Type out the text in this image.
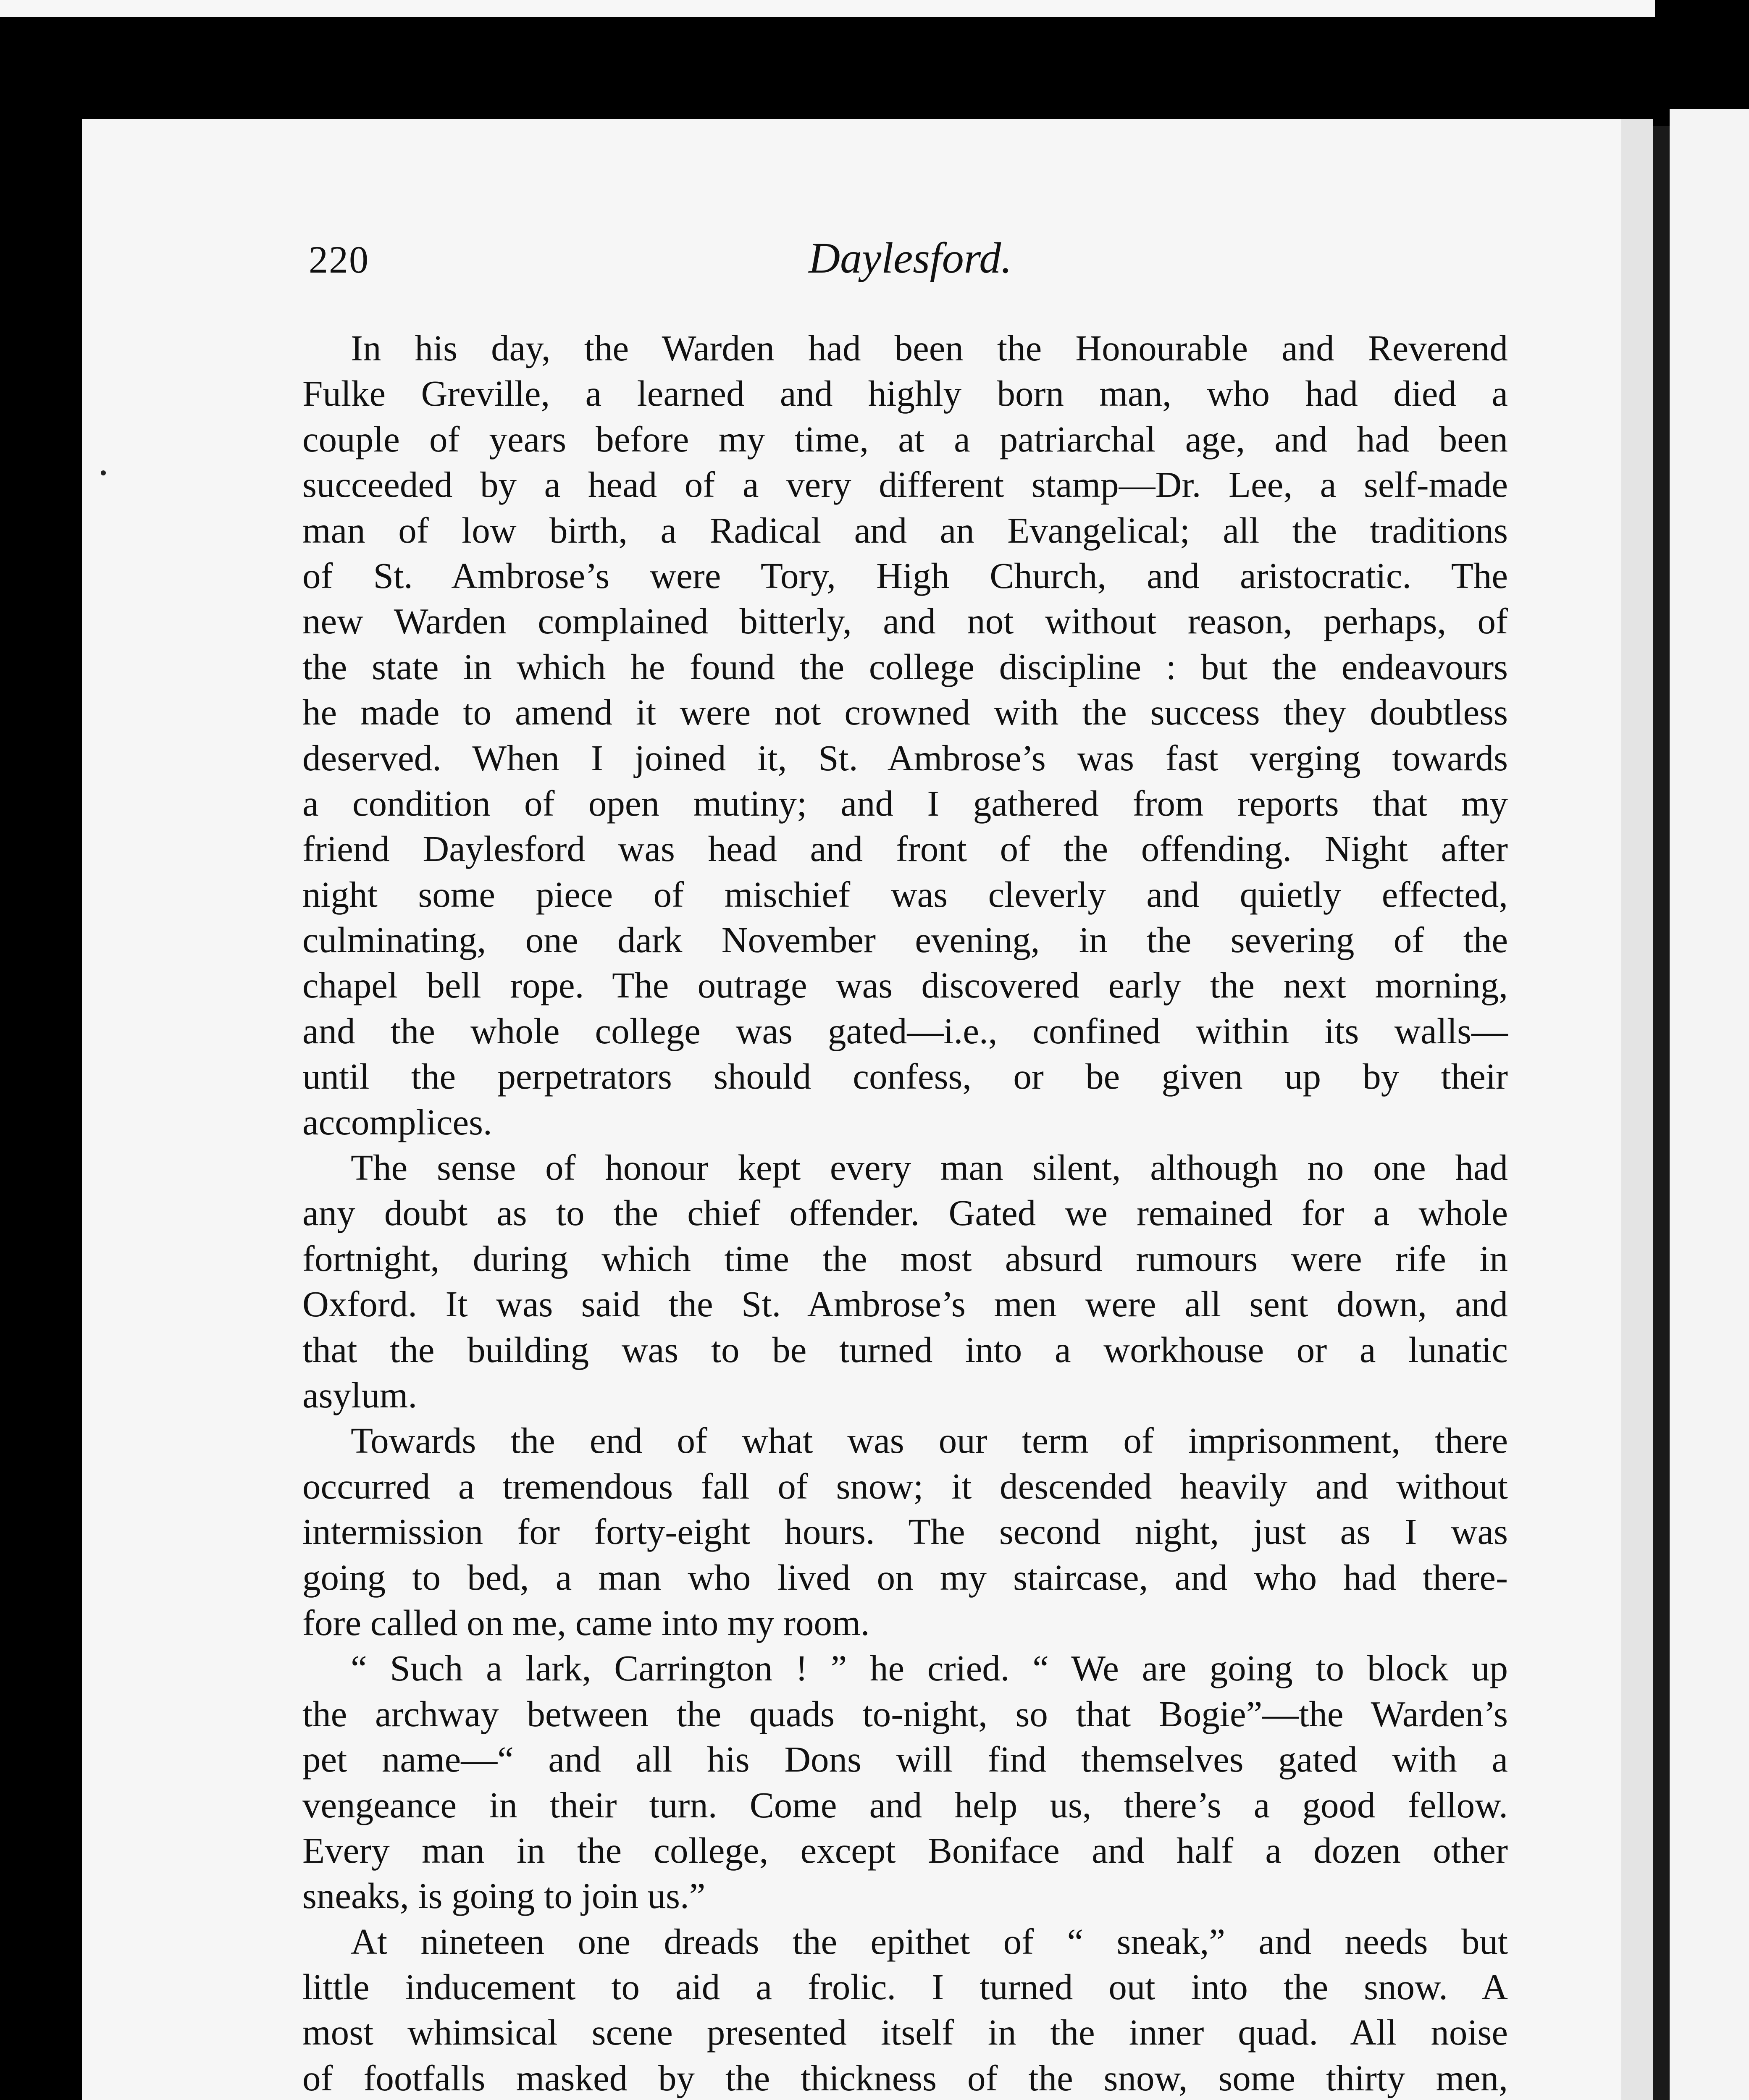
220	Daylesford.
In his day, the Warden had been the Honourable and Reverend
Fulke Greville, a learned and highly born man, who had died a
couple of years before my time, at a patriarchal age, and had been
succeeded by a head of a very different stamp—Dr. Lee, a self-made
man of low birth, a Radical and an Evangelical; all the traditions
of St. Ambrose’s were Tory, High Church, and aristocratic. The
new Warden complained bitterly, and not without reason, perhaps, of
the state in which he found the college discipline : but the endeavours
he made to amend it were not crowned with the success they doubtless
deserved. When I joined it, St. Ambrose’s was fast verging towards
a condition of open mutiny; and I gathered from reports that my
friend Daylesford was head and front of the offending. Night after
night some piece of mischief was cleverly and quietly effected,
culminating, one dark November evening, in the severing of the
chapel bell rope. The outrage was discovered early the next morning,
and the whole college was gated—i.e., confined within its walls—
until the perpetrators should confess, or be given up by their
accomplices.
The sense of honour kept every man silent, although no one had
any doubt as to the chief offender. Gated we remained for a whole
fortnight, during which time the most absurd rumours were rife in
Oxford. It was said the St. Ambrose’s men were all sent down, and
that the building was to be turned into a workhouse or a lunatic
asylum.
Towards the end of what was our term of imprisonment, there
occurred a tremendous fall of snow; it descended heavily and without
intermission for forty-eight hours. The second night, just as I was
going to bed, a man who lived on my staircase, and who had there-
fore called on me, came into my room.
“ Such a lark, Carrington ! ” he cried. “ We are going to block up
the archway between the quads to-night, so that Bogie”—the Warden’s
pet name—“ and all his Dons will find themselves gated with a
vengeance in their turn. Come and help us, there’s a good fellow.
Every man in the college, except Boniface and half a dozen other
sneaks, is going to join us.”
At nineteen one dreads the epithet of “ sneak,” and needs but
little inducement to aid a frolic. I turned out into the snow. A
most whimsical scene presented itself in the inner quad. All noise
of footfalls masked by the thickness of the snow, some thirty men,
